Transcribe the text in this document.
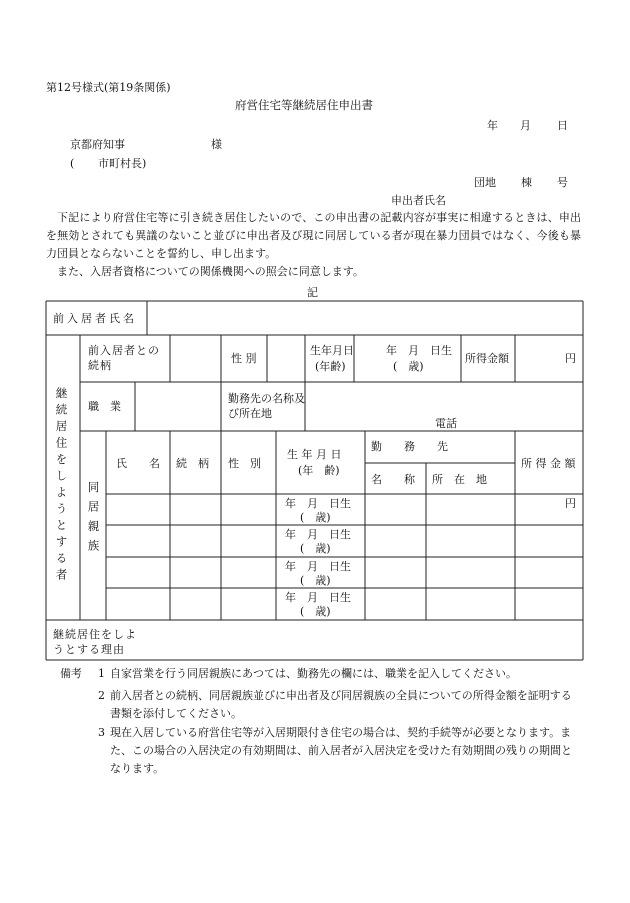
第12号様式(第19条関係)
府営住宅等継続居住申出書
年 月 日
京都府知事	様
( 市町村長)
団地 棟 号
申出者氏名
下記により府営住宅等に引き続き居住したいので、この申出書の記載内容が事実に相違するときは、申出を無効とされても異議のないこと並びに申出者及び現に同居している者が現在暴力団員ではなく、今後も暴力団員とならないことを誓約し、申し出ます。
また、入居者資格についての関係機関への照会に同意します。
記
前入居者氏名
継続居住をしようとする者
前入居者との続柄
性 別
生年月日
(年齢)
年　月　日生
(　歳)
所得金額	円
職　業
勤務先の名称及び所在地
電話
同居親族
氏　　名 続　柄 性　別
生 年 月 日
(年　齢)
勤　　務　　先
名　　称 所　在　地
所 得 金 額
年　月　日生
(　歳)
円
年　月　日生
(　歳)
年　月　日生
(　歳)
年　月　日生
(　歳)
継続居住をしようとする理由
備考 1 自家営業を行う同居親族にあつては、勤務先の欄には、職業を記入してください。
2 前入居者との続柄、同居親族並びに申出者及び同居親族の全員についての所得金額を証明する書類を添付してください。
3 現在入居している府営住宅等が入居期限付き住宅の場合は、契約手続等が必要となります。また、この場合の入居決定の有効期間は、前入居者が入居決定を受けた有効期間の残りの期間となります。
